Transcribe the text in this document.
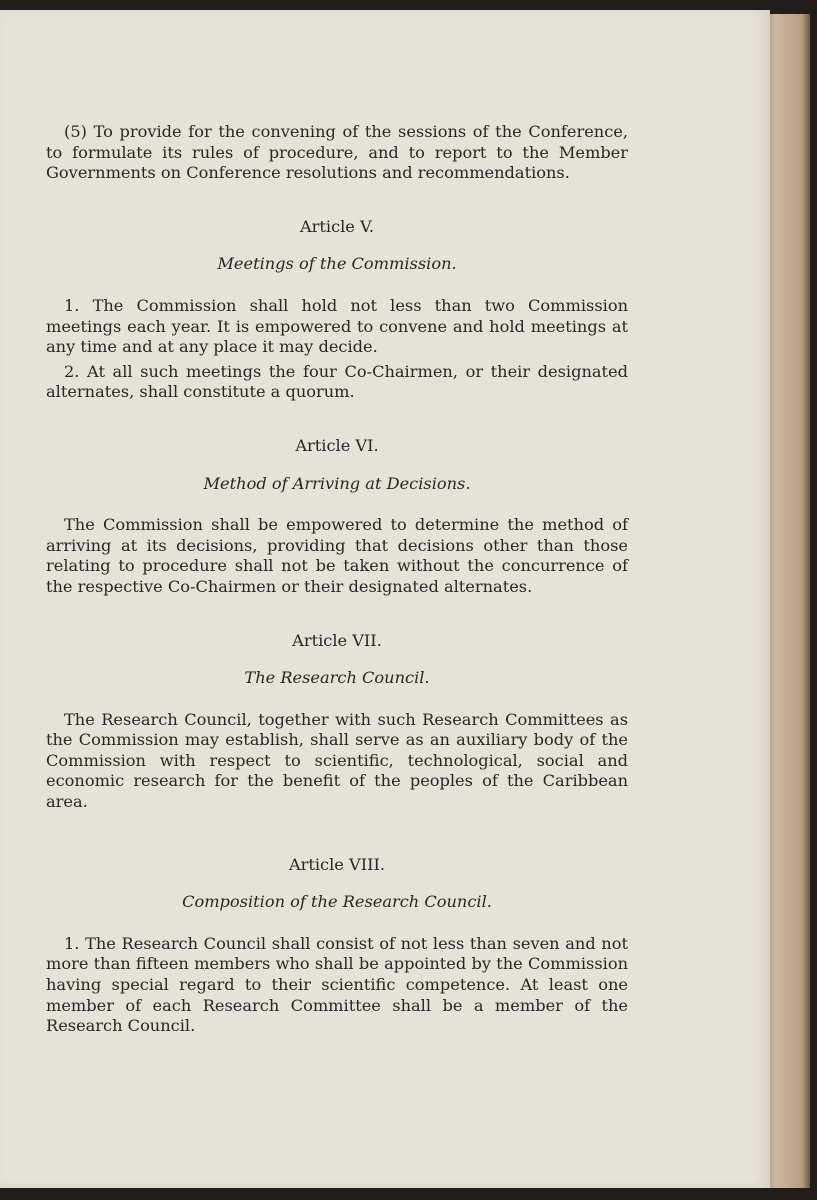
(5) To provide for the convening of the sessions of the Conference, to formulate its rules of procedure, and to report to the Member Governments on Conference resolutions and recommendations.

Article V.
Meetings of the Commission.

1. The Commission shall hold not less than two Commission meetings each year. It is empowered to convene and hold meetings at any time and at any place it may decide.

2. At all such meetings the four Co-Chairmen, or their designated alternates, shall constitute a quorum.

Article VI.
Method of Arriving at Decisions.

The Commission shall be empowered to determine the method of arriving at its decisions, providing that decisions other than those relating to procedure shall not be taken without the concurrence of the respective Co-Chairmen or their designated alternates.

Article VII.
The Research Council.

The Research Council, together with such Research Committees as the Commission may establish, shall serve as an auxiliary body of the Commission with respect to scientific, technological, social and economic research for the benefit of the peoples of the Caribbean area.

Article VIII.
Composition of the Research Council.

1. The Research Council shall consist of not less than seven and not more than fifteen members who shall be appointed by the Commission having special regard to their scientific competence. At least one member of each Research Committee shall be a member of the Research Council.
